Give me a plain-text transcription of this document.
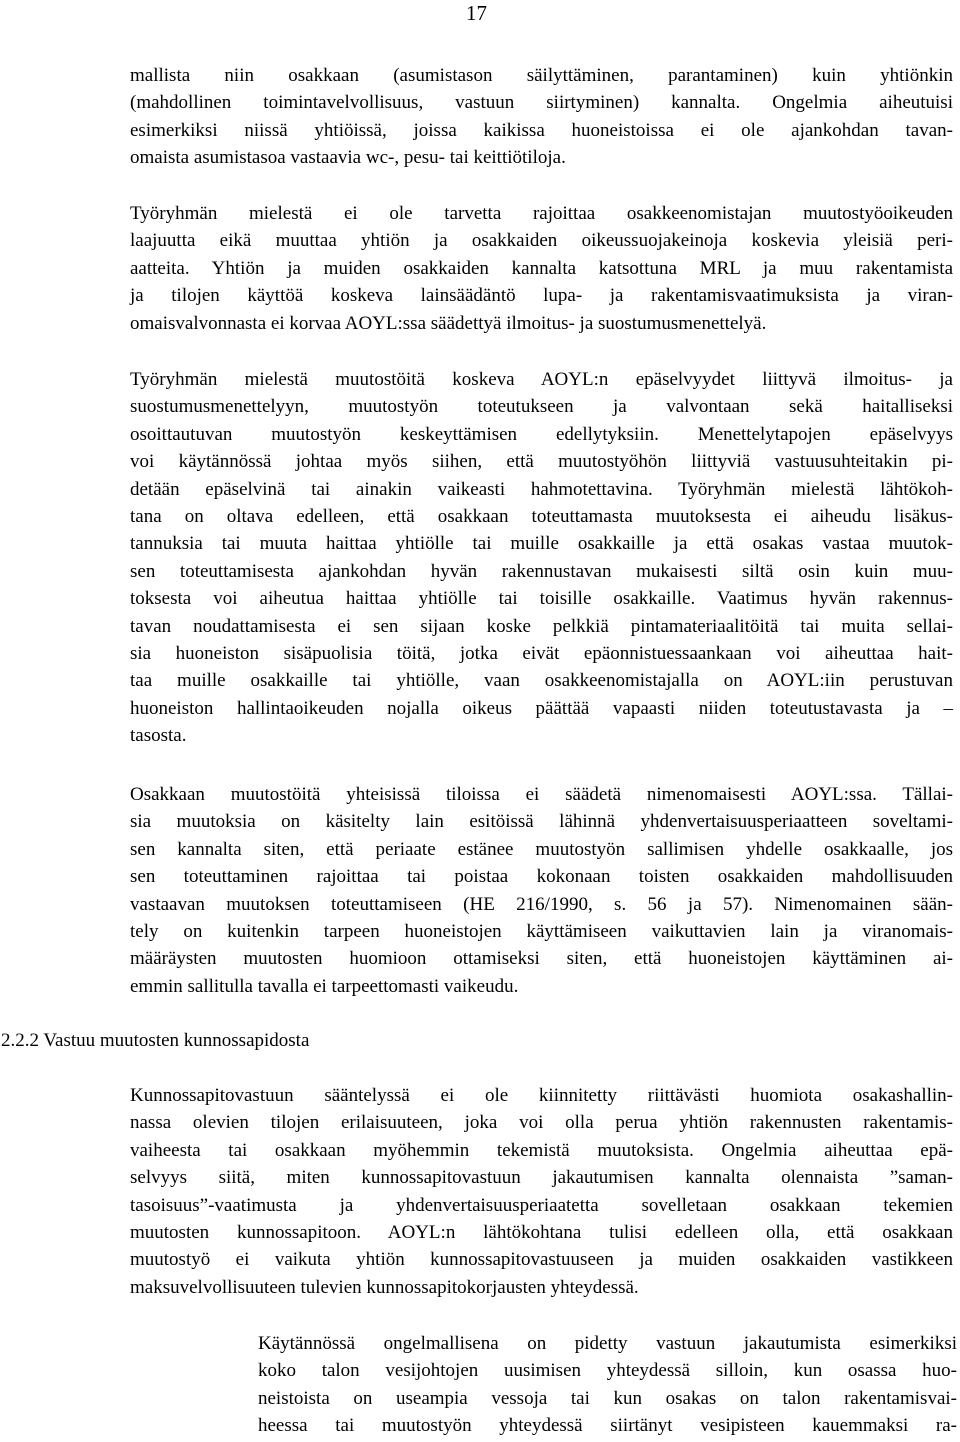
17
mallista niin osakkaan (asumistason säilyttäminen, parantaminen) kuin yhtiönkin
(mahdollinen toimintavelvollisuus, vastuun siirtyminen) kannalta. Ongelmia aiheutuisi
esimerkiksi niissä yhtiöissä, joissa kaikissa huoneistoissa ei ole ajankohdan tavan-
omaista asumistasoa vastaavia wc-, pesu- tai keittiötiloja.
Työryhmän mielestä ei ole tarvetta rajoittaa osakkeenomistajan muutostyöoikeuden
laajuutta eikä muuttaa yhtiön ja osakkaiden oikeussuojakeinoja koskevia yleisiä peri-
aatteita. Yhtiön ja muiden osakkaiden kannalta katsottuna MRL ja muu rakentamista
ja tilojen käyttöä koskeva lainsäädäntö lupa- ja rakentamisvaatimuksista ja viran-
omaisvalvonnasta ei korvaa AOYL:ssa säädettyä ilmoitus- ja suostumusmenettelyä.
Työryhmän mielestä muutostöitä koskeva AOYL:n epäselvyydet liittyvä ilmoitus- ja
suostumusmenettelyyn, muutostyön toteutukseen ja valvontaan sekä haitalliseksi
osoittautuvan muutostyön keskeyttämisen edellytyksiin. Menettelytapojen epäselvyys
voi käytännössä johtaa myös siihen, että muutostyöhön liittyviä vastuusuhteitakin pi-
detään epäselvinä tai ainakin vaikeasti hahmotettavina. Työryhmän mielestä lähtökoh-
tana on oltava edelleen, että osakkaan toteuttamasta muutoksesta ei aiheudu lisäkus-
tannuksia tai muuta haittaa yhtiölle tai muille osakkaille ja että osakas vastaa muutok-
sen toteuttamisesta ajankohdan hyvän rakennustavan mukaisesti siltä osin kuin muu-
toksesta voi aiheutua haittaa yhtiölle tai toisille osakkaille. Vaatimus hyvän rakennus-
tavan noudattamisesta ei sen sijaan koske pelkkiä pintamateriaalitöitä tai muita sellai-
sia huoneiston sisäpuolisia töitä, jotka eivät epäonnistuessaankaan voi aiheuttaa hait-
taa muille osakkaille tai yhtiölle, vaan osakkeenomistajalla on AOYL:iin perustuvan
huoneiston hallintaoikeuden nojalla oikeus päättää vapaasti niiden toteutustavasta ja –
tasosta.
Osakkaan muutostöitä yhteisissä tiloissa ei säädetä nimenomaisesti AOYL:ssa. Tällai-
sia muutoksia on käsitelty lain esitöissä lähinnä yhdenvertaisuusperiaatteen soveltami-
sen kannalta siten, että periaate estänee muutostyön sallimisen yhdelle osakkaalle, jos
sen toteuttaminen rajoittaa tai poistaa kokonaan toisten osakkaiden mahdollisuuden
vastaavan muutoksen toteuttamiseen (HE 216/1990, s. 56 ja 57). Nimenomainen sään-
tely on kuitenkin tarpeen huoneistojen käyttämiseen vaikuttavien lain ja viranomais-
määräysten muutosten huomioon ottamiseksi siten, että huoneistojen käyttäminen ai-
emmin sallitulla tavalla ei tarpeettomasti vaikeudu.
2.2.2 Vastuu muutosten kunnossapidosta
Kunnossapitovastuun sääntelyssä ei ole kiinnitetty riittävästi huomiota osakashallin-
nassa olevien tilojen erilaisuuteen, joka voi olla perua yhtiön rakennusten rakentamis-
vaiheesta tai osakkaan myöhemmin tekemistä muutoksista. Ongelmia aiheuttaa epä-
selvyys siitä, miten kunnossapitovastuun jakautumisen kannalta olennaista ”saman-
tasoisuus”-vaatimusta ja yhdenvertaisuusperiaatetta sovelletaan osakkaan tekemien
muutosten kunnossapitoon. AOYL:n lähtökohtana tulisi edelleen olla, että osakkaan
muutostyö ei vaikuta yhtiön kunnossapitovastuuseen ja muiden osakkaiden vastikkeen
maksuvelvollisuuteen tulevien kunnossapitokorjausten yhteydessä.
Käytännössä ongelmallisena on pidetty vastuun jakautumista esimerkiksi
koko talon vesijohtojen uusimisen yhteydessä silloin, kun osassa huo-
neistoista on useampia vessoja tai kun osakas on talon rakentamisvai-
heessa tai muutostyön yhteydessä siirtänyt vesipisteen kauemmaksi ra-
